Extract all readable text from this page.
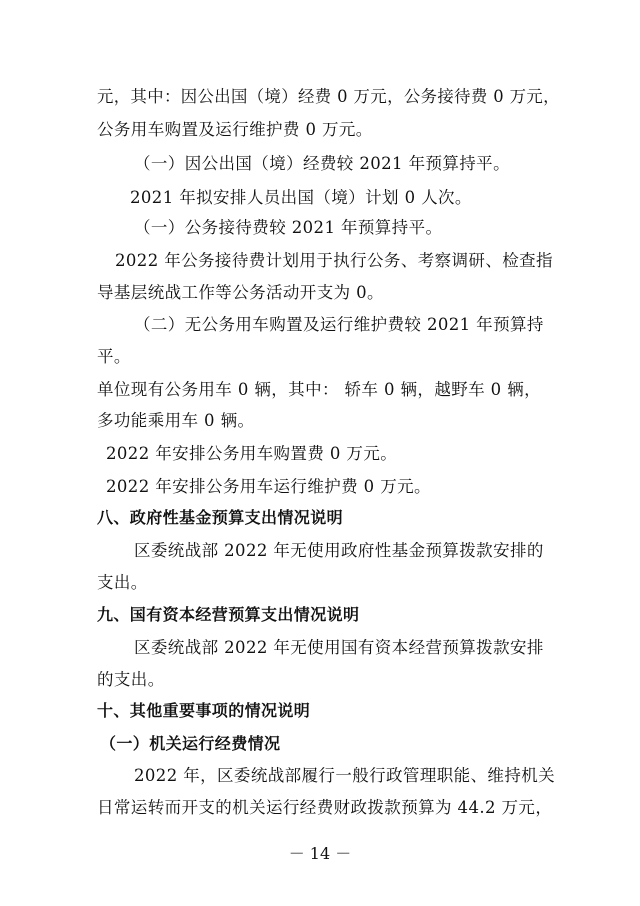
元，其中：因公出国（境）经费 0 万元，公务接待费 0 万元，
公务用车购置及运行维护费 0 万元。
（一）因公出国（境）经费较 2021 年预算持平。
2021 年拟安排人员出国（境）计划 0 人次。
（一）公务接待费较 2021 年预算持平。
2022 年公务接待费计划用于执行公务、考察调研、检查指
导基层统战工作等公务活动开支为 0。
（二）无公务用车购置及运行维护费较 2021 年预算持
平。
单位现有公务用车 0 辆，其中： 轿车 0 辆，越野车 0 辆，
多功能乘用车 0 辆。
2022 年安排公务用车购置费 0 万元。
2022 年安排公务用车运行维护费 0 万元。
八、政府性基金预算支出情况说明
区委统战部 2022 年无使用政府性基金预算拨款安排的
支出。
九、国有资本经营预算支出情况说明
区委统战部 2022 年无使用国有资本经营预算拨款安排
的支出。
十、其他重要事项的情况说明
（一）机关运行经费情况
2022 年，区委统战部履行一般行政管理职能、维持机关
日常运转而开支的机关运行经费财政拨款预算为 44.2 万元，
－ 14 －
